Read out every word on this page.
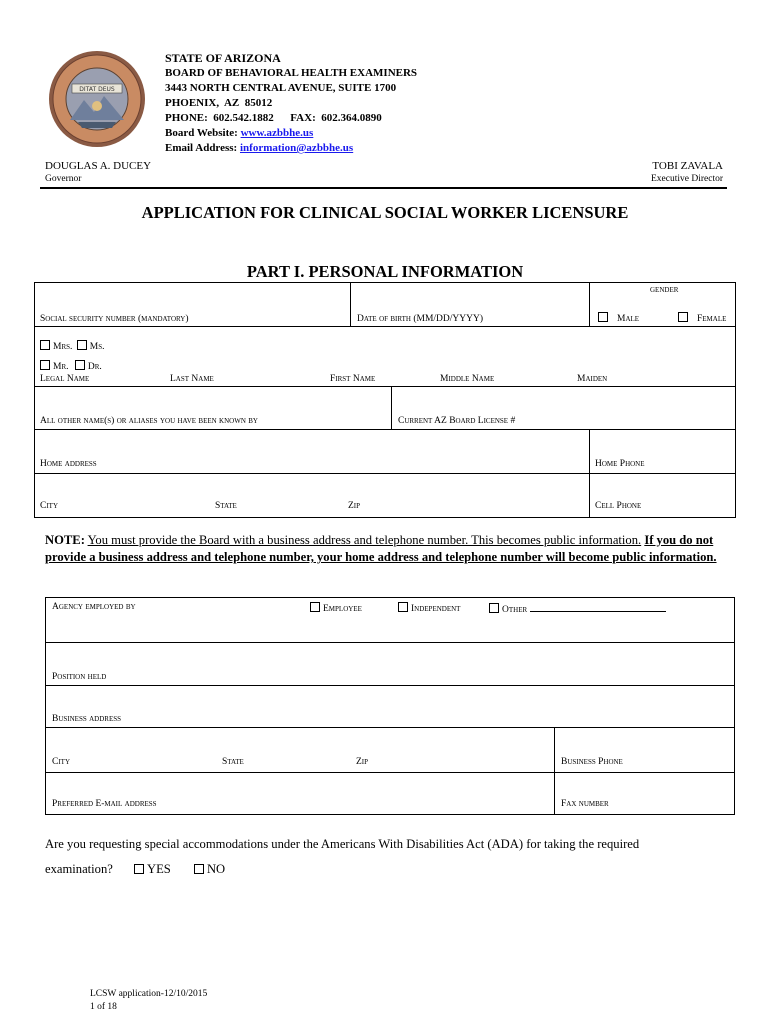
DITAT DEUS
STATE OF ARIZONA
BOARD OF BEHAVIORAL HEALTH EXAMINERS
3443 NORTH CENTRAL AVENUE, SUITE 1700
PHOENIX,  AZ  85012
PHONE:  602.542.1882      FAX:  602.364.0890
Board Website: www.azbbhe.us
Email Address: information@azbbhe.us
DOUGLAS A. DUCEY
Governor
TOBI ZAVALA
Executive Director
APPLICATION FOR CLINICAL SOCIAL WORKER LICENSURE
PART I. PERSONAL INFORMATION
gender
Social security number (mandatory)	Date of birth (MM/DD/YYYY)	Male	Female
Mrs. Ms.
Mr. Dr.
Legal Name	Last Name	First Name	Middle Name	Maiden
All other name(s) or aliases you have been known by	Current AZ Board License #
Home address	Home Phone
City	State	Zip	Cell Phone
NOTE: You must provide the Board with a business address and telephone number. This becomes public information. If you do not provide a business address and telephone number, your home address and telephone number will become public information.
Agency employed by	Employee	Independent	Other
Position held
Business address
City	State	Zip	Business Phone
Preferred E-mail address	Fax number
Are you requesting special accommodations under the Americans With Disabilities Act (ADA) for taking the required
examination?	YES	NO
LCSW application-12/10/2015
1 of 18
